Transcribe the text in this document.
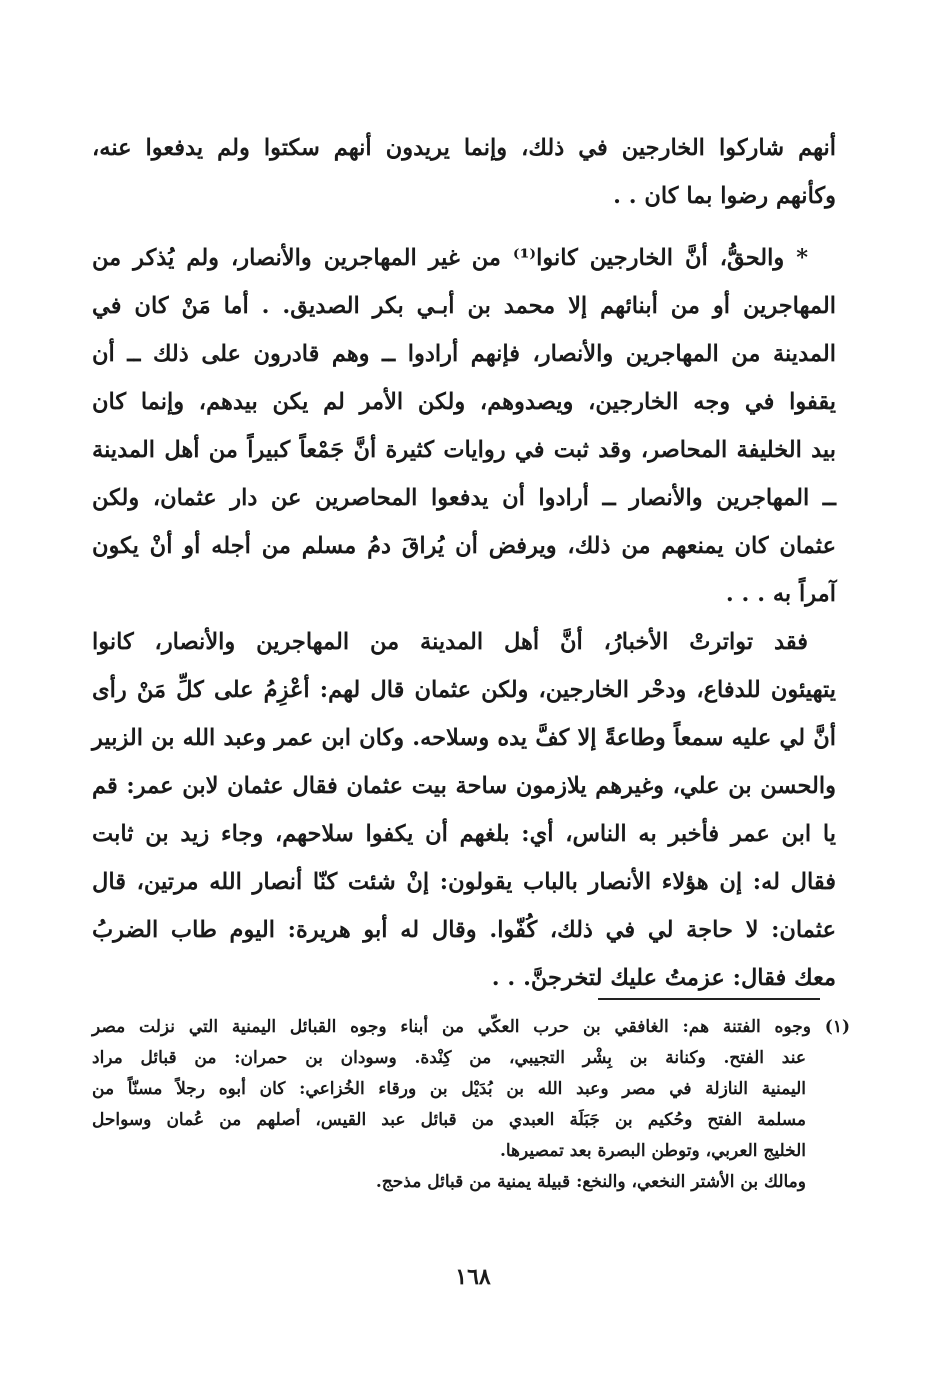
أنهم شاركوا الخارجين في ذلك، وإنما يريدون أنهم سكتوا ولم يدفعوا عنه،
وكأنهم رضوا بما كان . .
* والحقُّ، أنَّ الخارجين كانوا⁽¹⁾ من غير المهاجرين والأنصار، ولم يُذكر من
المهاجرين أو من أبنائهم إلا محمد بن أبـي بكر الصديق. . أما مَنْ كان في
المدينة من المهاجرين والأنصار، فإنهم أرادوا ــ وهم قادرون على ذلك ــ أن
يقفوا في وجه الخارجين، ويصدوهم، ولكن الأمر لم يكن بيدهم، وإنما كان
بيد الخليفة المحاصر، وقد ثبت في روايات كثيرة أنَّ جَمْعاً كبيراً من أهل المدينة
ــ المهاجرين والأنصار ــ أرادوا أن يدفعوا المحاصرين عن دار عثمان، ولكن
عثمان كان يمنعهم من ذلك، ويرفض أن يُراقَ دمُ مسلم من أجله أو أنْ يكون
آمراً به . . .
فقد تواترتْ الأخبارُ، أنَّ أهل المدينة من المهاجرين والأنصار، كانوا
يتهيئون للدفاع، ودحْر الخارجين، ولكن عثمان قال لهم: أعْزِمُ على كلِّ مَنْ رأى
أنَّ لي عليه سمعاً وطاعةً إلا كفَّ يده وسلاحه. وكان ابن عمر وعبد الله بن الزبير
والحسن بن علي، وغيرهم يلازمون ساحة بيت عثمان فقال عثمان لابن عمر: قم
يا ابن عمر فأخبر به الناس، أي: بلغهم أن يكفوا سلاحهم، وجاء زيد بن ثابت
فقال له: إن هؤلاء الأنصار بالباب يقولون: إنْ شئت كنّا أنصار الله مرتين، قال
عثمان: لا حاجة لي في ذلك، كُفّوا. وقال له أبو هريرة: اليوم طاب الضربُ
معك فقال: عزمتُ عليك لتخرجنَّ. . .
(١) وجوه الفتنة هم: الغافقي بن حرب العكّي من أبناء وجوه القبائل اليمنية التي نزلت مصر
عند الفتح. وكنانة بن بِشْر التجيبي، من كِنْدة. وسودان بن حمران: من قبائل مراد
اليمنية النازلة في مصر وعبد الله بن بُدَيْل بن ورقاء الخُزاعي: كان أبوه رجلاً مسنّاً من
مسلمة الفتح وحُكيم بن جَبَلَة العبدي من قبائل عبد القيس، أصلهم من عُمان وسواحل
الخليج العربي، وتوطن البصرة بعد تمصيرها.
ومالك بن الأشتر النخعي، والنخع: قبيلة يمنية من قبائل مذحج.
١٦٨
